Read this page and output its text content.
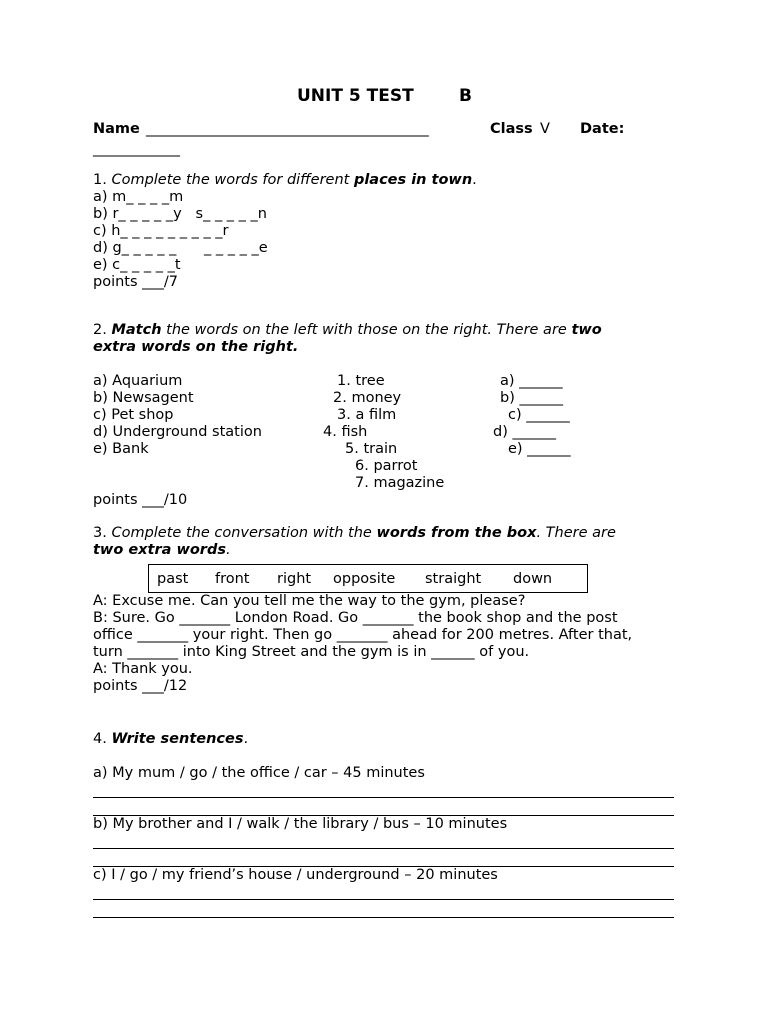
UNIT 5 TEST	B
Name _______________________________________	Class V Date:
____________
1. Complete the words for different places in town.
a) m_ _ _ _m
b) r_ _ _ _ _y   s_ _ _ _ _n
c) h_ _ _ _ _ _ _ _ _r
d) g_ _ _ _ _      _ _ _ _ _e
e) c_ _ _ _ _t
points ___/7
2. Match the words on the left with those on the right. There are two
extra words on the right.
a) Aquarium
b) Newsagent
c) Pet shop
d) Underground station
e) Bank
1. tree
2. money
3. a film
4. fish
5. train
6. parrot
7. magazine
a) ______
b) ______
c) ______
d) ______
e) ______
points ___/10
3. Complete the conversation with the words from the box. There are
two extra words.
past front right opposite straight down
A: Excuse me. Can you tell me the way to the gym, please?
B: Sure. Go _______ London Road. Go _______ the book shop and the post
office _______ your right. Then go _______ ahead for 200 metres. After that,
turn _______ into King Street and the gym is in ______ of you.
A: Thank you.
points ___/12
4. Write sentences.
a) My mum / go / the office / car – 45 minutes
b) My brother and I / walk / the library / bus – 10 minutes
c) I / go / my friend’s house / underground – 20 minutes
